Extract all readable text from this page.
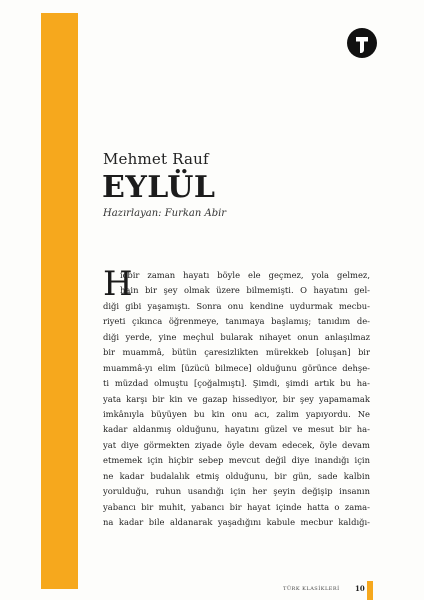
Mehmet Rauf
EYLÜL
Hazırlayan: Furkan Abir
H
içbir zaman hayatı böyle ele geçmez, yola gelmez,
hain bir şey olmak üzere bilmemişti. O hayatını gel-
diği gibi yaşamıştı. Sonra onu kendine uydurmak mecbu-
riyeti çıkınca öğrenmeye, tanımaya başlamış; tanıdım de-
diği yerde, yine meçhul bularak nihayet onun anlaşılmaz
bir muammâ, bütün çaresizlikten mürekkeb [oluşan] bir
muammâ-yı elim [üzücü bilmece] olduğunu görünce dehşe-
ti müzdad olmuştu [çoğalmıştı]. Şimdi, şimdi artık bu ha-
yata karşı bir kin ve gazap hissediyor, bir şey yapamamak
imkânıyla büyüyen bu kin onu acı, zalim yapıyordu. Ne
kadar aldanmış olduğunu, hayatını güzel ve mesut bir ha-
yat diye görmekten ziyade öyle devam edecek, öyle devam
etmemek için hiçbir sebep mevcut değil diye inandığı için
ne kadar budalalık etmiş olduğunu, bir gün, sade kalbin
yorulduğu, ruhun usandığı için her şeyin değişip insanın
yabancı bir muhit, yabancı bir hayat içinde hatta o zama-
na kadar bile aldanarak yaşadığını kabule mecbur kaldığı-
TÜRK KLASİKLERİ 10
